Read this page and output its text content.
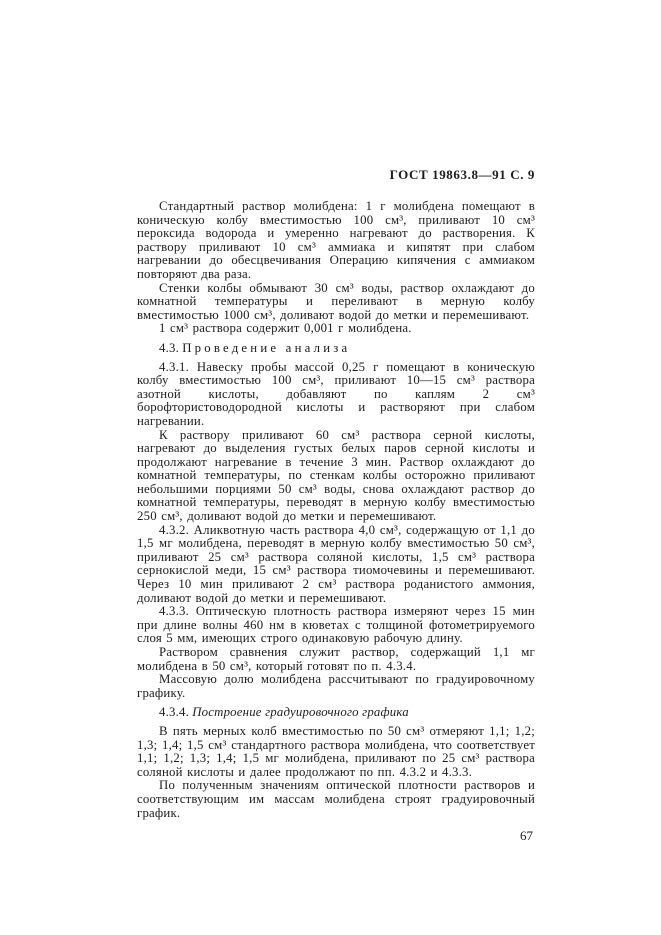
ГОСТ 19863.8—91 С. 9

Стандартный раствор молибдена: 1 г молибдена помещают в коническую колбу вместимостью 100 см³, приливают 10 см³ пероксида водорода и умеренно нагревают до растворения. К раствору приливают 10 см³ аммиака и кипятят при слабом нагревании до обесцвечивания Операцию кипячения с аммиаком повторяют два раза.

Стенки колбы обмывают 30 см³ воды, раствор охлаждают до комнатной температуры и переливают в мерную колбу вместимостью 1000 см³, доливают водой до метки и перемешивают.

1 см³ раствора содержит 0,001 г молибдена.

4.3. Проведение анализа

4.3.1. Навеску пробы массой 0,25 г помещают в коническую колбу вместимостью 100 см³, приливают 10—15 см³ раствора азотной кислоты, добавляют по каплям 2 см³ борофтористоводородной кислоты и растворяют при слабом нагревании.

К раствору приливают 60 см³ раствора серной кислоты, нагревают до выделения густых белых паров серной кислоты и продолжают нагревание в течение 3 мин. Раствор охлаждают до комнатной температуры, по стенкам колбы осторожно приливают небольшими порциями 50 см³ воды, снова охлаждают раствор до комнатной температуры, переводят в мерную колбу вместимостью 250 см³, доливают водой до метки и перемешивают.

4.3.2. Аликвотную часть раствора 4,0 см³, содержащую от 1,1 до 1,5 мг молибдена, переводят в мерную колбу вместимостью 50 см³, приливают 25 см³ раствора соляной кислоты, 1,5 см³ раствора сернокислой меди, 15 см³ раствора тиомочевины и перемешивают. Через 10 мин приливают 2 см³ раствора роданистого аммония, доливают водой до метки и перемешивают.

4.3.3. Оптическую плотность раствора измеряют через 15 мин при длине волны 460 нм в кюветах с толщиной фотометрируемого слоя 5 мм, имеющих строго одинаковую рабочую длину.

Раствором сравнения служит раствор, содержащий 1,1 мг молибдена в 50 см³, который готовят по п. 4.3.4.

Массовую долю молибдена рассчитывают по градуировочному графику.

4.3.4. Построение градуировочного графика

В пять мерных колб вместимостью по 50 см³ отмеряют 1,1; 1,2; 1,3; 1,4; 1,5 см³ стандартного раствора молибдена, что соответствует 1,1; 1,2; 1,3; 1,4; 1,5 мг молибдена, приливают по 25 см³ раствора соляной кислоты и далее продолжают по пп. 4.3.2 и 4.3.3.

По полученным значениям оптической плотности растворов и соответствующим им массам молибдена строят градуировочный график.

67
